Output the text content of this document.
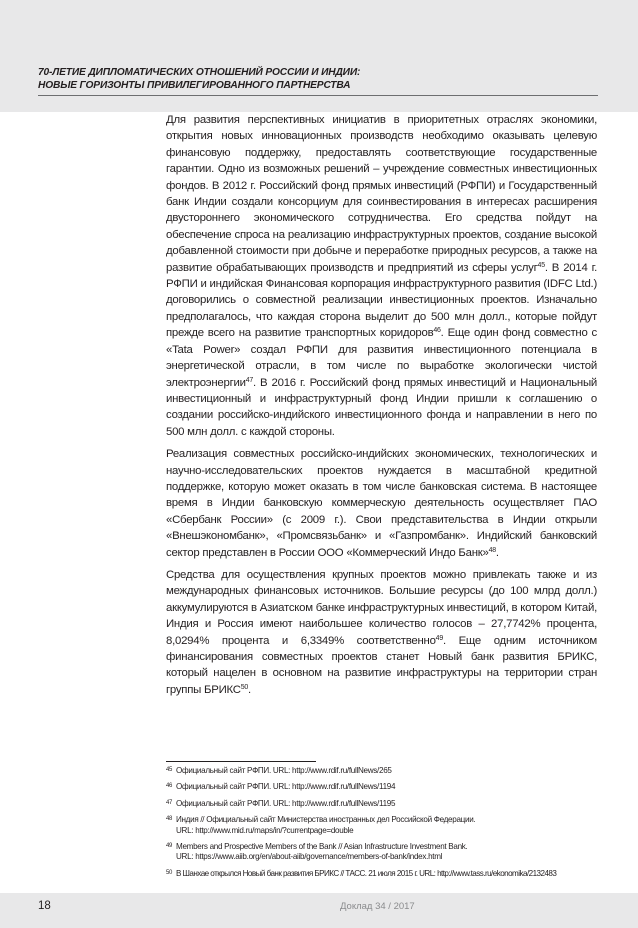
70-ЛЕТИЕ ДИПЛОМАТИЧЕСКИХ ОТНОШЕНИЙ РОССИИ И ИНДИИ:
НОВЫЕ ГОРИЗОНТЫ ПРИВИЛЕГИРОВАННОГО ПАРТНЕРСТВА

Для развития перспективных инициатив в приоритетных отраслях экономики, открытия новых инновационных производств необходимо оказывать целевую финансовую поддержку, предоставлять соответствующие государственные гарантии. Одно из возможных решений – учреждение совместных инвестиционных фондов. В 2012 г. Российский фонд прямых инвестиций (РФПИ) и Государственный банк Индии создали консорциум для соинвестирования в интересах расширения двустороннего экономического сотрудничества. Его средства пойдут на обеспечение спроса на реализацию инфраструктурных проектов, создание высокой добавленной стоимости при добыче и переработке природных ресурсов, а также на развитие обрабатывающих производств и предприятий из сферы услуг$^{45}$. В 2014 г. РФПИ и индийская Финансовая корпорация инфраструктурного развития (IDFC Ltd.) договорились о совместной реализации инвестиционных проектов. Изначально предполагалось, что каждая сторона выделит до 500 млн долл., которые пойдут прежде всего на развитие транспортных коридоров$^{46}$. Еще один фонд совместно с «Tata Power» создал РФПИ для развития инвестиционного потенциала в энергетической отрасли, в том числе по выработке экологически чистой электроэнергии$^{47}$. В 2016 г. Российский фонд прямых инвестиций и Национальный инвестиционный и инфраструктурный фонд Индии пришли к соглашению о создании российско-индийского инвестиционного фонда и направлении в него по 500 млн долл. с каждой стороны.

Реализация совместных российско-индийских экономических, технологических и научно-исследовательских проектов нуждается в масштабной кредитной поддержке, которую может оказать в том числе банковская система. В настоящее время в Индии банковскую коммерческую деятельность осуществляет ПАО «Сбербанк России» (с 2009 г.). Свои представительства в Индии открыли «Внешэкономбанк», «Промсвязьбанк» и «Газпромбанк». Индийский банковский сектор представлен в России ООО «Коммерческий Индо Банк»$^{48}$.

Средства для осуществления крупных проектов можно привлекать также и из международных финансовых источников. Большие ресурсы (до 100 млрд долл.) аккумулируются в Азиатском банке инфраструктурных инвестиций, в котором Китай, Индия и Россия имеют наибольшее количество голосов – 27,7742% процента, 8,0294% процента и 6,3349% соответственно$^{49}$. Еще одним источником финансирования совместных проектов станет Новый банк развития БРИКС, который нацелен в основном на развитие инфраструктуры на территории стран группы БРИКС$^{50}$.

45 Официальный сайт РФПИ. URL: http://www.rdif.ru/fullNews/265
46 Официальный сайт РФПИ. URL: http://www.rdif.ru/fullNews/1194
47 Официальный сайт РФПИ. URL: http://www.rdif.ru/fullNews/1195
48 Индия // Официальный сайт Министерства иностранных дел Российской Федерации.
URL: http://www.mid.ru/maps/in/?currentpage=double
49 Members and Prospective Members of the Bank // Asian Infrastructure Investment Bank.
URL: https://www.aiib.org/en/about-aiib/governance/members-of-bank/index.html
50 В Шанхае открылся Новый банк развития БРИКС // ТАСС. 21 июля 2015 г. URL: http://www.tass.ru/ekonomika/2132483
18	Доклад 34 / 2017
